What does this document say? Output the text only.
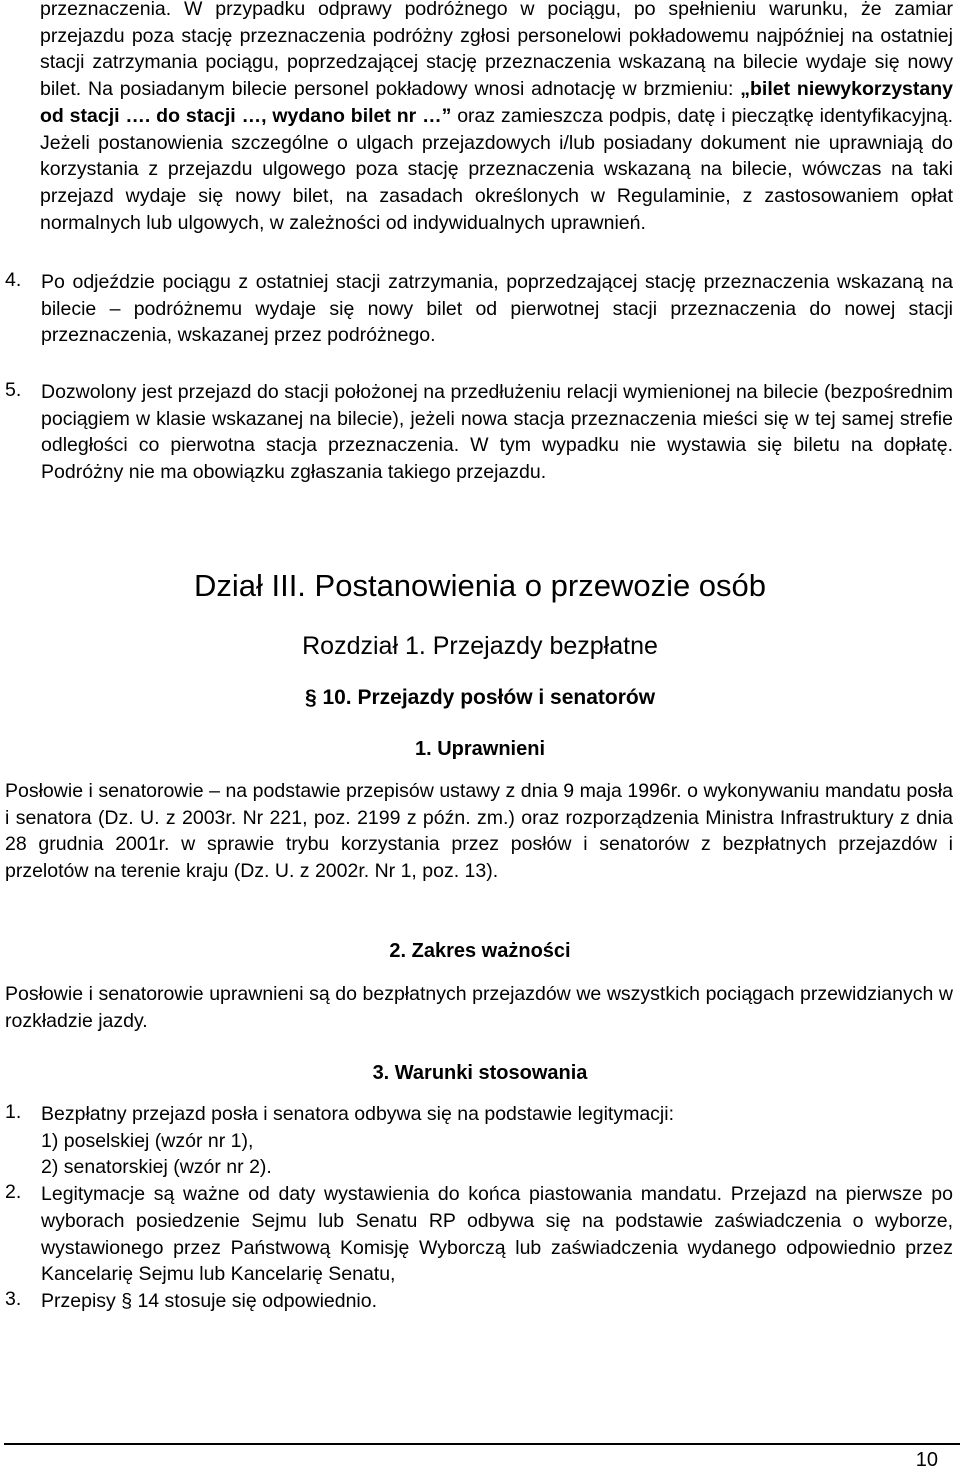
przeznaczenia. W przypadku odprawy podróżnego w pociągu, po spełnieniu warunku, że zamiar przejazdu poza stację przeznaczenia podróżny zgłosi personelowi pokładowemu najpóźniej na ostatniej stacji zatrzymania pociągu, poprzedzającej stację przeznaczenia wskazaną na bilecie wydaje się nowy bilet. Na posiadanym bilecie personel pokładowy wnosi adnotację w brzmieniu: „bilet niewykorzystany od stacji …. do stacji …, wydano bilet nr …” oraz zamieszcza podpis, datę i pieczątkę identyfikacyjną. Jeżeli postanowienia szczególne o ulgach przejazdowych i/lub posiadany dokument nie uprawniają do korzystania z przejazdu ulgowego poza stację przeznaczenia wskazaną na bilecie, wówczas na taki przejazd wydaje się nowy bilet, na zasadach określonych w Regulaminie, z zastosowaniem opłat normalnych lub ulgowych, w zależności od indywidualnych uprawnień.

4. Po odjeździe pociągu z ostatniej stacji zatrzymania, poprzedzającej stację przeznaczenia wskazaną na bilecie – podróżnemu wydaje się nowy bilet od pierwotnej stacji przeznaczenia do nowej stacji przeznaczenia, wskazanej przez podróżnego.

5. Dozwolony jest przejazd do stacji położonej na przedłużeniu relacji wymienionej na bilecie (bezpośrednim pociągiem w klasie wskazanej na bilecie), jeżeli nowa stacja przeznaczenia mieści się w tej samej strefie odległości co pierwotna stacja przeznaczenia. W tym wypadku nie wystawia się biletu na dopłatę. Podróżny nie ma obowiązku zgłaszania takiego przejazdu.

Dział III. Postanowienia o przewozie osób
Rozdział 1. Przejazdy bezpłatne
§ 10. Przejazdy posłów i senatorów
1. Uprawnieni

Posłowie i senatorowie – na podstawie przepisów ustawy z dnia 9 maja 1996r. o wykonywaniu mandatu posła i senatora (Dz. U. z 2003r. Nr 221, poz. 2199 z późn. zm.) oraz rozporządzenia Ministra Infrastruktury z dnia 28 grudnia 2001r. w sprawie trybu korzystania przez posłów i senatorów z bezpłatnych przejazdów i przelotów na terenie kraju (Dz. U. z 2002r. Nr 1, poz. 13).

2. Zakres ważności

Posłowie i senatorowie uprawnieni są do bezpłatnych przejazdów we wszystkich pociągach przewidzianych w rozkładzie jazdy.

3. Warunki stosowania
1. Bezpłatny przejazd posła i senatora odbywa się na podstawie legitymacji:

1) poselskiej (wzór nr 1),
2) senatorskiej (wzór nr 2).
2. Legitymacje są ważne od daty wystawienia do końca piastowania mandatu. Przejazd na pierwsze po wyborach posiedzenie Sejmu lub Senatu RP odbywa się na podstawie zaświadczenia o wyborze, wystawionego przez Państwową Komisję Wyborczą lub zaświadczenia wydanego odpowiednio przez Kancelarię Sejmu lub Kancelarię Senatu,

3. Przepisy § 14 stosuje się odpowiednio.

10
